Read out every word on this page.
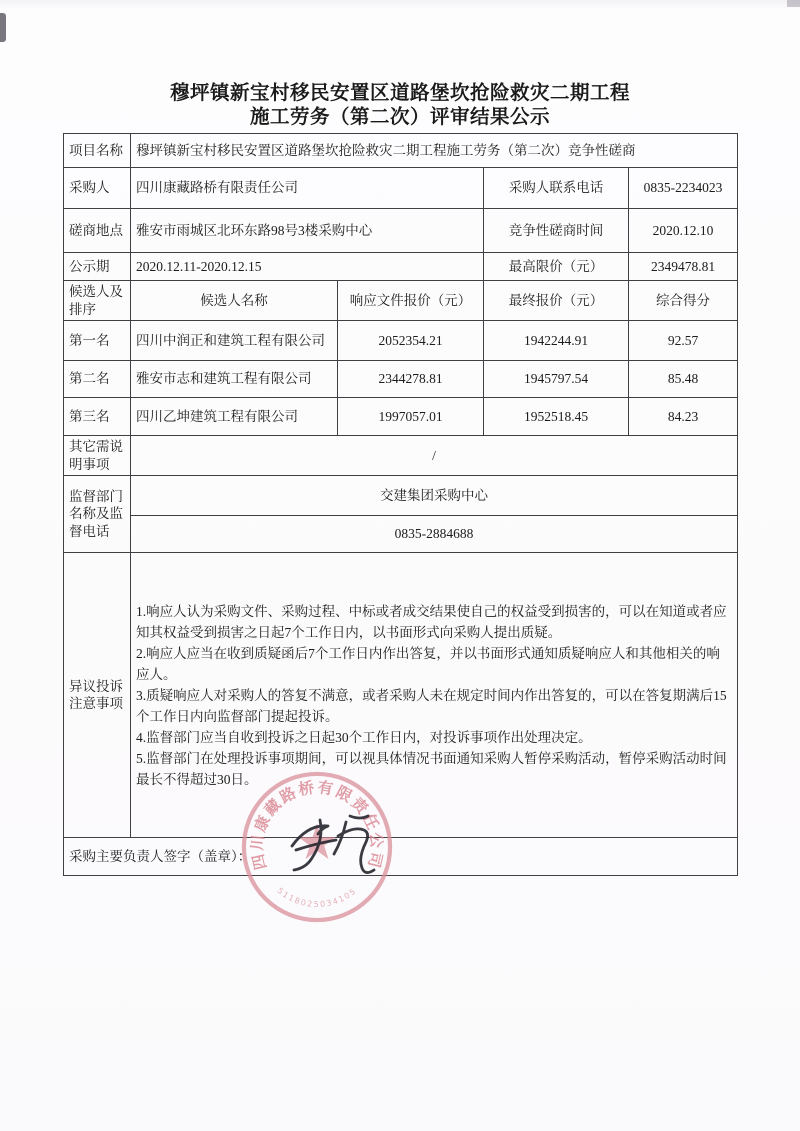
穆坪镇新宝村移民安置区道路堡坎抢险救灾二期工程
施工劳务（第二次）评审结果公示
项目名称	穆坪镇新宝村移民安置区道路堡坎抢险救灾二期工程施工劳务（第二次）竞争性磋商			
采购人	四川康藏路桥有限责任公司		采购人联系电话	0835-2234023
磋商地点	雅安市雨城区北环东路98号3楼采购中心		竞争性磋商时间	2020.12.10
公示期	2020.12.11-2020.12.15		最高限价（元）	2349478.81
候选人及排序	候选人名称	响应文件报价（元）	最终报价（元）	综合得分
第一名	四川中润正和建筑工程有限公司	2052354.21	1942244.91	92.57
第二名	雅安市志和建筑工程有限公司	2344278.81	1945797.54	85.48
第三名	四川乙坤建筑工程有限公司	1997057.01	1952518.45	84.23
其它需说明事项	/			
监督部门名称及监督电话	交建集团采购中心			
	0835-2884688			
异议投诉注意事项	1.响应人认为采购文件、采购过程、中标或者成交结果使自己的权益受到损害的，可以在知道或者应知其权益受到损害之日起7个工作日内，以书面形式向采购人提出质疑。
2.响应人应当在收到质疑函后7个工作日内作出答复，并以书面形式通知质疑响应人和其他相关的响应人。
3.质疑响应人对采购人的答复不满意，或者采购人未在规定时间内作出答复的，可以在答复期满后15个工作日内向监督部门提起投诉。
4.监督部门应当自收到投诉之日起30个工作日内，对投诉事项作出处理决定。
5.监督部门在处理投诉事项期间，可以视具体情况书面通知采购人暂停采购活动，暂停采购活动时间最长不得超过30日。			

采购主要负责人签字（盖章）：				
四川康藏路桥有限责任公司
5118025034105
